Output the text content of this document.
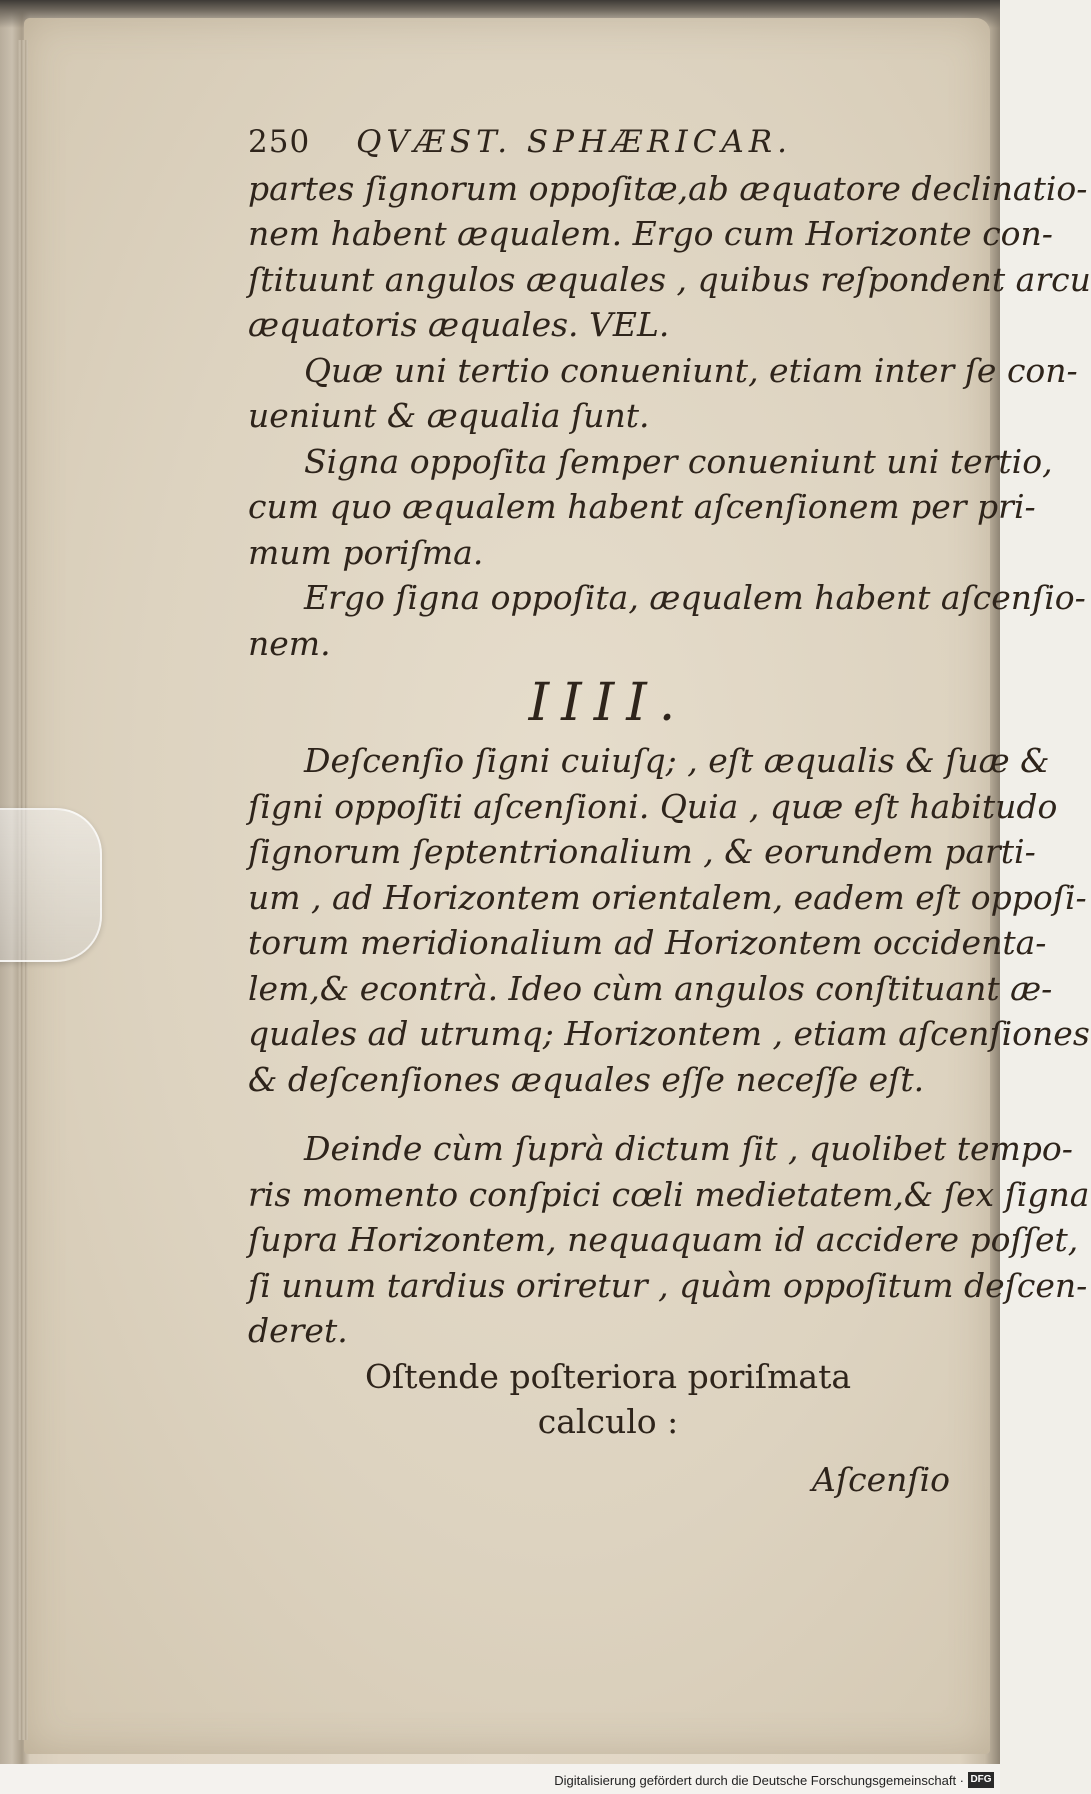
250	QVÆST. SPHÆRICAR.
partes ſignorum oppoſitæ,ab æquatore declinatio-
nem habent æqualem. Ergo cum Horizonte con-
ſtituunt angulos æquales , quibus reſpondent arcu
æquatoris æquales. VEL.
Quæ uni tertio conueniunt, etiam inter ſe con-
ueniunt & æqualia ſunt.
Signa oppoſita ſemper conueniunt uni tertio,
cum quo æqualem habent aſcenſionem per pri-
mum poriſma.
Ergo ſigna oppoſita, æqualem habent aſcenſio-
nem.
IIII.
Deſcenſio ſigni cuiuſq; , eſt æqualis & ſuæ &
ſigni oppoſiti aſcenſioni. Quia , quæ eſt habitudo
ſignorum ſeptentrionalium , & eorundem parti-
um , ad Horizontem orientalem, eadem eſt oppoſi-
torum meridionalium ad Horizontem occidenta-
lem,& econtrà. Ideo cùm angulos conſtituant æ-
quales ad utrumq; Horizontem , etiam aſcenſiones
& deſcenſiones æquales eſſe neceſſe eſt.
Deinde cùm ſuprà dictum ſit , quolibet tempo-
ris momento conſpici cœli medietatem,& ſex ſigna
ſupra Horizontem, nequaquam id accidere poſſet,
ſi unum tardius oriretur , quàm oppoſitum deſcen-
deret.
Oſtende poſteriora poriſmata
calculo :
Aſcenſio
Digitalisierung gefördert durch die Deutsche Forschungsgemeinschaft · DFG
